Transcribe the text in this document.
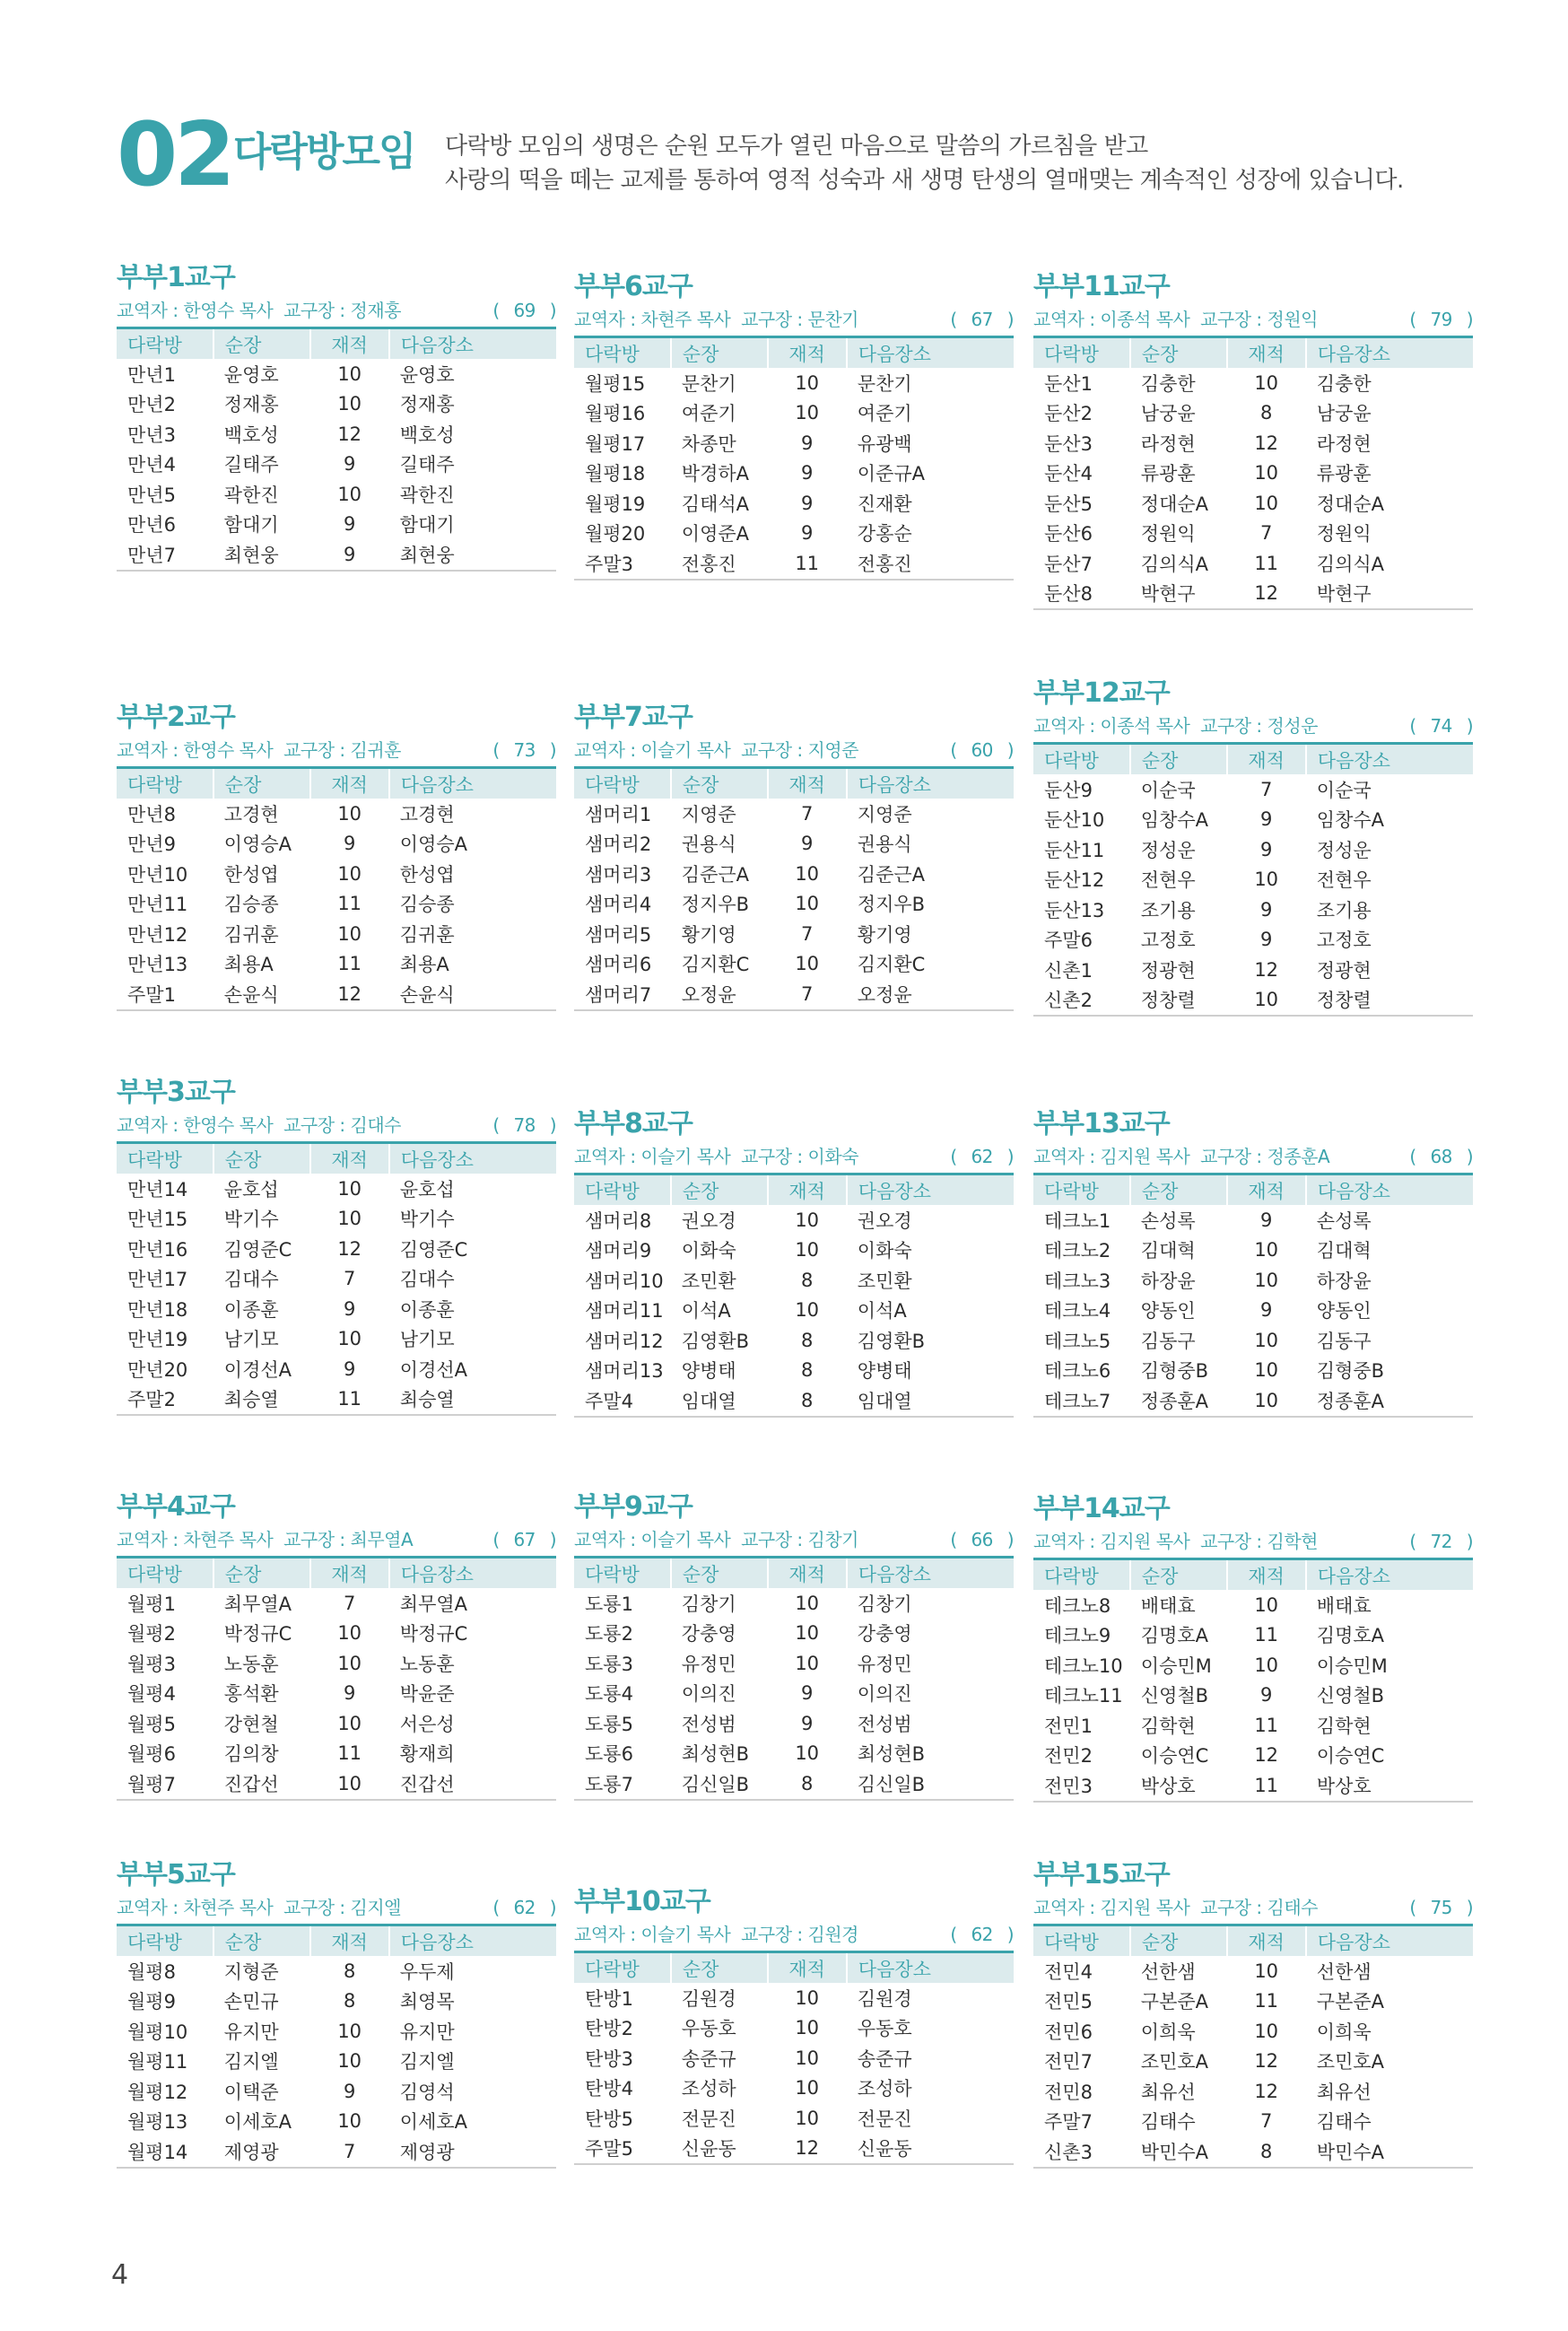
02 다락방모임 다락방 모임의 생명은 순원 모두가 열린 마음으로 말씀의 가르침을 받고
사랑의 떡을 떼는 교제를 통하여 영적 성숙과 새 생명 탄생의 열매맺는 계속적인 성장에 있습니다.
부부1교구
교역자 : 한영수 목사 교구장 : 정재홍	( 69 )
다락방	순장	재적	다음장소
만년1	윤영호	10	윤영호
만년2	정재홍	10	정재홍
만년3	백호성	12	백호성
만년4	길태주	9	길태주
만년5	곽한진	10	곽한진
만년6	함대기	9	함대기
만년7	최현웅	9	최현웅
부부6교구
교역자 : 차현주 목사 교구장 : 문찬기	( 67 )
다락방	순장	재적	다음장소
월평15	문찬기	10	문찬기
월평16	여준기	10	여준기
월평17	차종만	9	유광백
월평18	박경하A	9	이준규A
월평19	김태석A	9	진재환
월평20	이영준A	9	강홍순
주말3	전홍진	11	전홍진
부부11교구
교역자 : 이종석 목사 교구장 : 정원익	( 79 )
다락방	순장	재적	다음장소
둔산1	김충한	10	김충한
둔산2	남궁윤	8	남궁윤
둔산3	라정현	12	라정현
둔산4	류광훈	10	류광훈
둔산5	정대순A	10	정대순A
둔산6	정원익	7	정원익
둔산7	김의식A	11	김의식A
둔산8	박현구	12	박현구
부부2교구
교역자 : 한영수 목사 교구장 : 김귀훈	( 73 )
다락방	순장	재적	다음장소
만년8	고경현	10	고경현
만년9	이영승A	9	이영승A
만년10	한성엽	10	한성엽
만년11	김승종	11	김승종
만년12	김귀훈	10	김귀훈
만년13	최용A	11	최용A
주말1	손윤식	12	손윤식
부부7교구
교역자 : 이슬기 목사 교구장 : 지영준	( 60 )
다락방	순장	재적	다음장소
샘머리1	지영준	7	지영준
샘머리2	권용식	9	권용식
샘머리3	김준근A	10	김준근A
샘머리4	정지우B	10	정지우B
샘머리5	황기영	7	황기영
샘머리6	김지환C	10	김지환C
샘머리7	오정윤	7	오정윤
부부12교구
교역자 : 이종석 목사 교구장 : 정성운	( 74 )
다락방	순장	재적	다음장소
둔산9	이순국	7	이순국
둔산10	임창수A	9	임창수A
둔산11	정성운	9	정성운
둔산12	전현우	10	전현우
둔산13	조기용	9	조기용
주말6	고정호	9	고정호
신촌1	정광현	12	정광현
신촌2	정창렬	10	정창렬
부부3교구
교역자 : 한영수 목사 교구장 : 김대수	( 78 )
다락방	순장	재적	다음장소
만년14	윤호섭	10	윤호섭
만년15	박기수	10	박기수
만년16	김영준C	12	김영준C
만년17	김대수	7	김대수
만년18	이종훈	9	이종훈
만년19	남기모	10	남기모
만년20	이경선A	9	이경선A
주말2	최승열	11	최승열
부부8교구
교역자 : 이슬기 목사 교구장 : 이화숙	( 62 )
다락방	순장	재적	다음장소
샘머리8	권오경	10	권오경
샘머리9	이화숙	10	이화숙
샘머리10	조민환	8	조민환
샘머리11	이석A	10	이석A
샘머리12	김영환B	8	김영환B
샘머리13	양병태	8	양병태
주말4	임대열	8	임대열
부부13교구
교역자 : 김지원 목사 교구장 : 정종훈A	( 68 )
다락방	순장	재적	다음장소
테크노1	손성록	9	손성록
테크노2	김대혁	10	김대혁
테크노3	하장윤	10	하장윤
테크노4	양동인	9	양동인
테크노5	김동구	10	김동구
테크노6	김형중B	10	김형중B
테크노7	정종훈A	10	정종훈A
부부4교구
교역자 : 차현주 목사 교구장 : 최무열A	( 67 )
다락방	순장	재적	다음장소
월평1	최무열A	7	최무열A
월평2	박정규C	10	박정규C
월평3	노동훈	10	노동훈
월평4	홍석환	9	박윤준
월평5	강현철	10	서은성
월평6	김의창	11	황재희
월평7	진갑선	10	진갑선
부부9교구
교역자 : 이슬기 목사 교구장 : 김창기	( 66 )
다락방	순장	재적	다음장소
도룡1	김창기	10	김창기
도룡2	강충영	10	강충영
도룡3	유정민	10	유정민
도룡4	이의진	9	이의진
도룡5	전성범	9	전성범
도룡6	최성현B	10	최성현B
도룡7	김신일B	8	김신일B
부부14교구
교역자 : 김지원 목사 교구장 : 김학현	( 72 )
다락방	순장	재적	다음장소
테크노8	배태효	10	배태효
테크노9	김명호A	11	김명호A
테크노10	이승민M	10	이승민M
테크노11	신영철B	9	신영철B
전민1	김학현	11	김학현
전민2	이승연C	12	이승연C
전민3	박상호	11	박상호
부부5교구
교역자 : 차현주 목사 교구장 : 김지엘	( 62 )
다락방	순장	재적	다음장소
월평8	지형준	8	우두제
월평9	손민규	8	최영목
월평10	유지만	10	유지만
월평11	김지엘	10	김지엘
월평12	이택준	9	김영석
월평13	이세호A	10	이세호A
월평14	제영광	7	제영광
부부10교구
교역자 : 이슬기 목사 교구장 : 김원경	( 62 )
다락방	순장	재적	다음장소
탄방1	김원경	10	김원경
탄방2	우동호	10	우동호
탄방3	송준규	10	송준규
탄방4	조성하	10	조성하
탄방5	전문진	10	전문진
주말5	신윤동	12	신윤동
부부15교구
교역자 : 김지원 목사 교구장 : 김태수	( 75 )
다락방	순장	재적	다음장소
전민4	선한샘	10	선한샘
전민5	구본준A	11	구본준A
전민6	이희욱	10	이희욱
전민7	조민호A	12	조민호A
전민8	최유선	12	최유선
주말7	김태수	7	김태수
신촌3	박민수A	8	박민수A
4
